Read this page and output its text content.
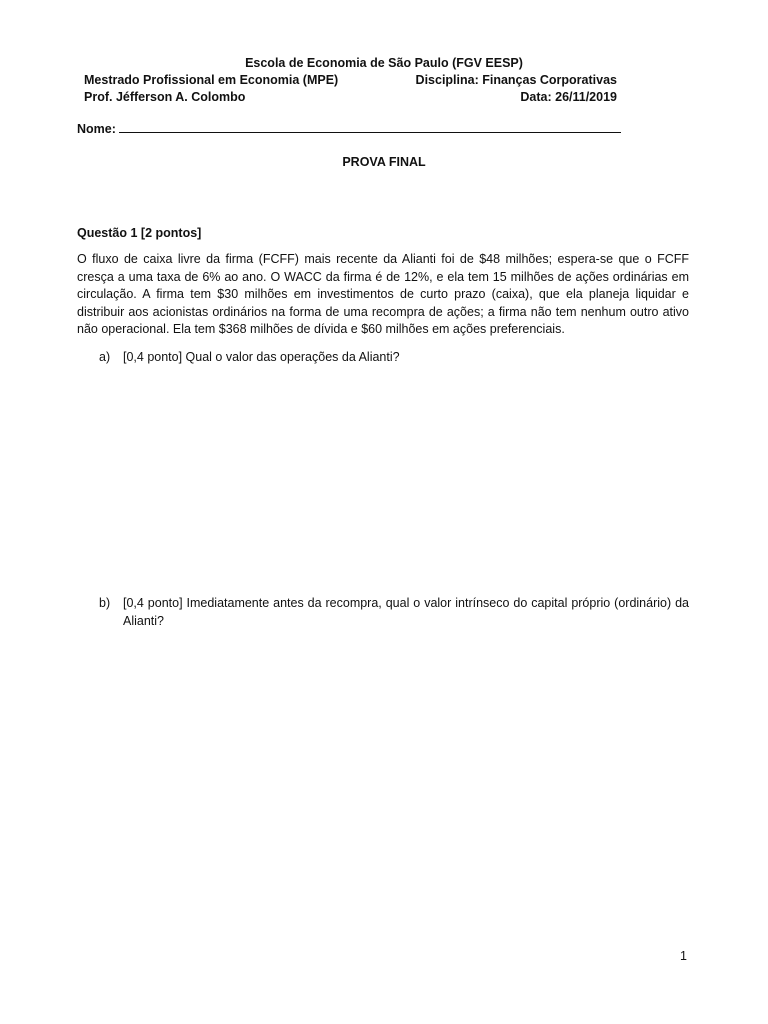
Escola de Economia de São Paulo (FGV EESP)
Mestrado Profissional em Economia (MPE)	Disciplina: Finanças Corporativas
Prof. Jéfferson A. Colombo	Data: 26/11/2019
Nome:
PROVA FINAL
Questão 1 [2 pontos]
O fluxo de caixa livre da firma (FCFF) mais recente da Alianti foi de $48 milhões; espera-se que o FCFF cresça a uma taxa de 6% ao ano. O WACC da firma é de 12%, e ela tem 15 milhões de ações ordinárias em circulação. A firma tem $30 milhões em investimentos de curto prazo (caixa), que ela planeja liquidar e distribuir aos acionistas ordinários na forma de uma recompra de ações; a firma não tem nenhum outro ativo não operacional. Ela tem $368 milhões de dívida e $60 milhões em ações preferenciais.
a) [0,4 ponto] Qual o valor das operações da Alianti?
b) [0,4 ponto] Imediatamente antes da recompra, qual o valor intrínseco do capital próprio (ordinário) da Alianti?
1
